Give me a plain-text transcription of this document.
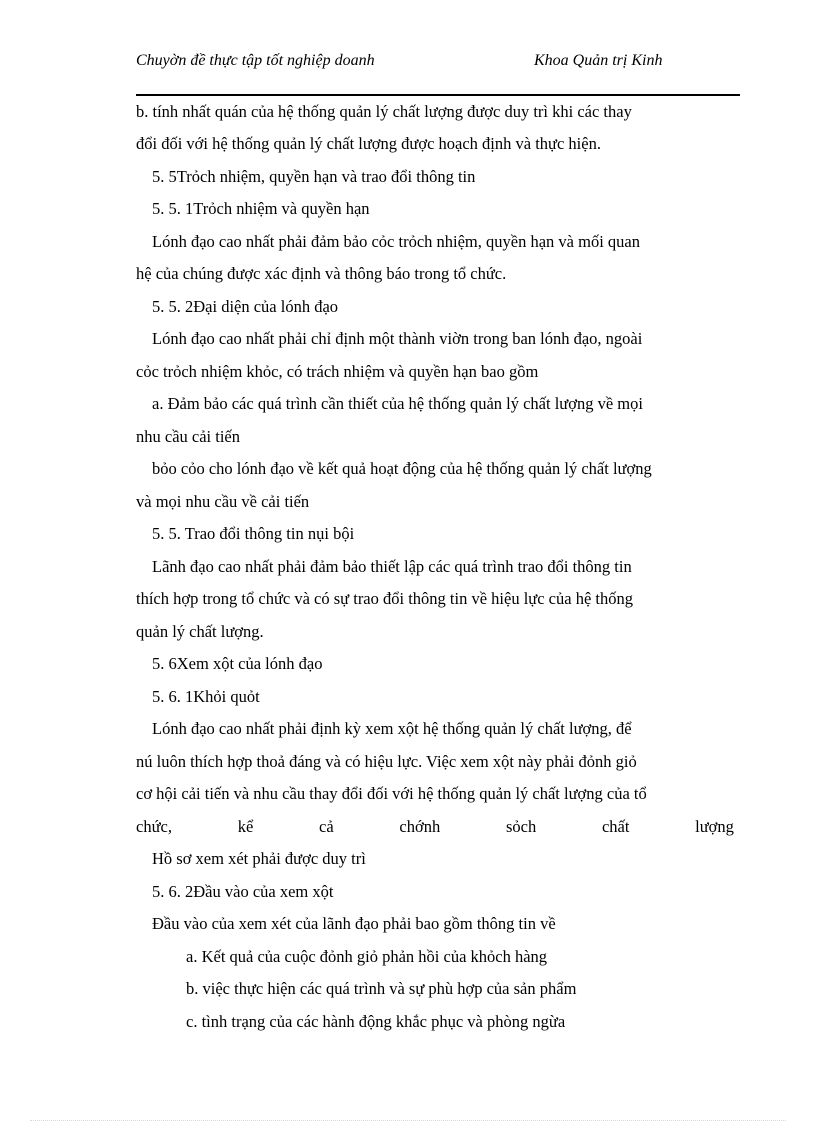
Chuyờn đề thực tập tốt nghiệp doanh	Khoa Quản trị Kinh
b. tính nhất quán của hệ thống quản lý chất lượng được duy trì khi các thay
đổi đối với hệ thống quản lý chất lượng được hoạch định và thực hiện.
5. 5Trỏch nhiệm, quyền hạn và trao đổi thông tin
5. 5. 1Trỏch nhiệm và quyền hạn
Lónh đạo cao nhất phải đảm bảo cỏc trỏch nhiệm, quyền hạn và mối quan
hệ của chúng được xác định và thông báo trong tổ chức.
5. 5. 2Đại diện của lónh đạo
Lónh đạo cao nhất phải chỉ định một thành viờn trong ban lónh đạo, ngoài
cỏc trỏch nhiệm khỏc, có trách nhiệm và quyền hạn bao gồm
a. Đảm bảo các quá trình cần thiết của hệ thống quản lý chất lượng về mọi
nhu cầu cải tiến
bỏo cỏo cho lónh đạo về kết quả hoạt động của hệ thống quản lý chất lượng
và mọi nhu cầu về cải tiến
5. 5. Trao đổi thông tin nụi bội
Lãnh đạo cao nhất phải đảm bảo thiết lập các quá trình trao đổi thông tin
thích hợp trong tổ chức và có sự trao đổi thông tin về hiệu lực của hệ thống
quản lý chất lượng.
5. 6Xem xột của lónh đạo
5. 6. 1Khỏi quỏt
Lónh đạo cao nhất phải định kỳ xem xột hệ thống quản lý chất lượng, để
nú luôn thích hợp thoả đáng và có hiệu lực. Việc xem xột này phải đỏnh giỏ
cơ hội cải tiến và nhu cầu thay đổi đối với hệ thống quản lý chất lượng của tổ
chức,	kể	cả	chớnh	sỏch	chất	lượng
Hồ sơ xem xét phải được duy trì
5. 6. 2Đầu vào của xem xột
Đầu vào của xem xét của lãnh đạo phải bao gồm thông tin về
a. Kết quả của cuộc đỏnh giỏ phản hồi của khỏch hàng
b. việc thực hiện các quá trình và sự phù hợp của sản phẩm
c. tình trạng của các hành động khắc phục và phòng ngừa
